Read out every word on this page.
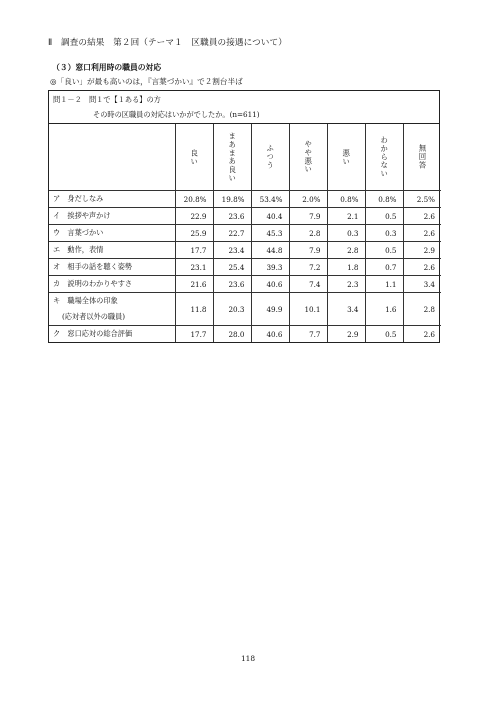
Ⅱ　調査の結果　第２回（テーマ１　区職員の接遇について）
（３）窓口利用時の職員の対応
◎「良い」が最も高いのは，『言葉づかい』で２割台半ば
問１－２　問１で【１ある】の方
その時の区職員の対応はいかがでしたか。(n=611)

	良い	まあまあ良い	ふつう	やや悪い	悪い	わからない	無回答

ア　身だしなみ	20.8%	19.8%	53.4%	2.0%	0.8%	0.8%	2.5%
イ　挨拶や声かけ	22.9	23.6	40.4	7.9	2.1	0.5	2.6
ウ　言葉づかい	25.9	22.7	45.3	2.8	0.3	0.3	2.6
エ　動作，表情	17.7	23.4	44.8	7.9	2.8	0.5	2.9
オ　相手の話を聴く姿勢	23.1	25.4	39.3	7.2	1.8	0.7	2.6
カ　説明のわかりやすさ	21.6	23.6	40.6	7.4	2.3	1.1	3.4

キ　職場全体の印象
(応対者以外の職員)	11.8	20.3	49.9	10.1	3.4	1.6	2.8
ク　窓口応対の総合評価	17.7	28.0	40.6	7.7	2.9	0.5	2.6
118
